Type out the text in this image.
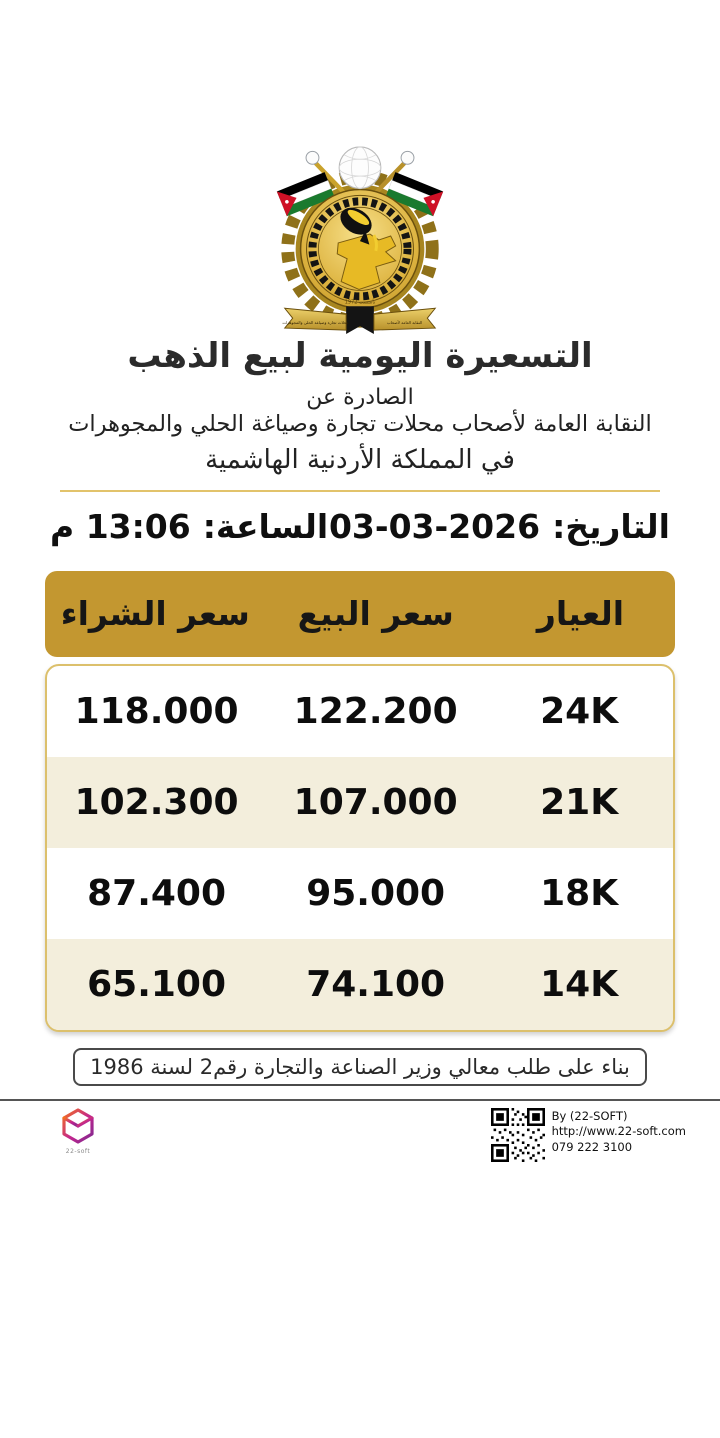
تأسست 1972
محلات تجارة وصياغة الحلي والمجوهرات	النقابة العامة لأصحاب
التسعيرة اليومية لبيع الذهب
الصادرة عن
النقابة العامة لأصحاب محلات تجارة وصياغة الحلي والمجوهرات
في المملكة الأردنية الهاشمية
التاريخ:
03-03-2026
الساعة:
13:06 م
العيار
سعر البيع
سعر الشراء
24K
122.200
118.000
21K
107.000
102.300
18K
95.000
87.400
14K
74.100
65.100
بناء على طلب معالي وزير الصناعة والتجارة رقم2 لسنة 1986
22-soft
By (22-SOFT)
http://www.22-soft.com
079 222 3100
